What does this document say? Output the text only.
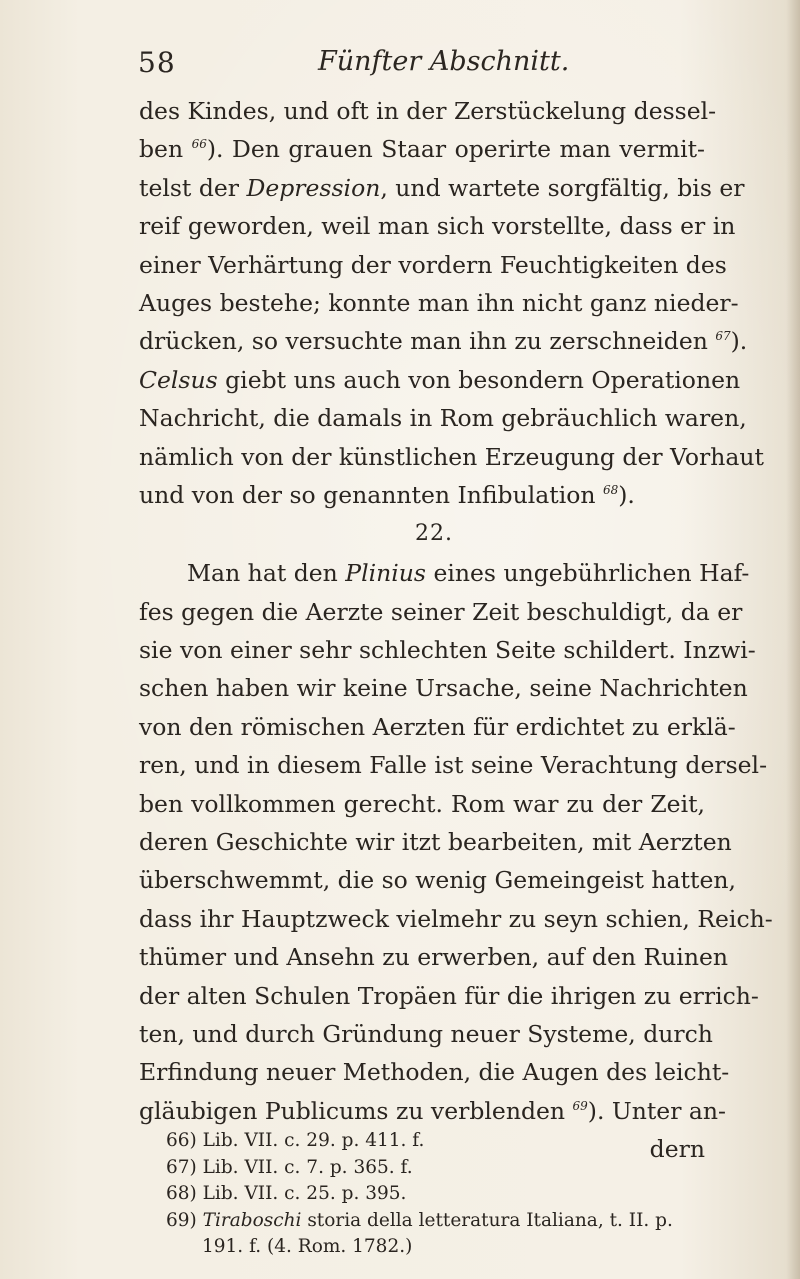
58	Fünfter Abschnitt.
des Kindes, und oft in der Zerstückelung dessel-
ben $^{66}$). Den grauen Staar operirte man vermit-
telst der Depression, und wartete sorgfältig, bis er
reif geworden, weil man sich vorstellte, dass er in
einer Verhärtung der vordern Feuchtigkeiten des
Auges bestehe; konnte man ihn nicht ganz nieder-
drücken, so versuchte man ihn zu zerschneiden $^{67}$).
Celsus giebt uns auch von besondern Operationen
Nachricht, die damals in Rom gebräuchlich waren,
nämlich von der künstlichen Erzeugung der Vorhaut
und von der so genannten Infibulation $^{68}$).
22.
Man hat den Plinius eines ungebührlichen Haf-
fes gegen die Aerzte seiner Zeit beschuldigt, da er
sie von einer sehr schlechten Seite schildert. Inzwi-
schen haben wir keine Ursache, seine Nachrichten
von den römischen Aerzten für erdichtet zu erklä-
ren, und in diesem Falle ist seine Verachtung dersel-
ben vollkommen gerecht. Rom war zu der Zeit,
deren Geschichte wir itzt bearbeiten, mit Aerzten
überschwemmt, die so wenig Gemeingeist hatten,
dass ihr Hauptzweck vielmehr zu seyn schien, Reich-
thümer und Ansehn zu erwerben, auf den Ruinen
der alten Schulen Tropäen für die ihrigen zu errich-
ten, und durch Gründung neuer Systeme, durch
Erfindung neuer Methoden, die Augen des leicht-
gläubigen Publicums zu verblenden $^{69}$). Unter an-
dern
66) Lib. VII. c. 29. p. 411. f.
67) Lib. VII. c. 7. p. 365. f.
68) Lib. VII. c. 25. p. 395.
69) Tiraboschi storia della letteratura Italiana, t. II. p.
191. f. (4. Rom. 1782.)
